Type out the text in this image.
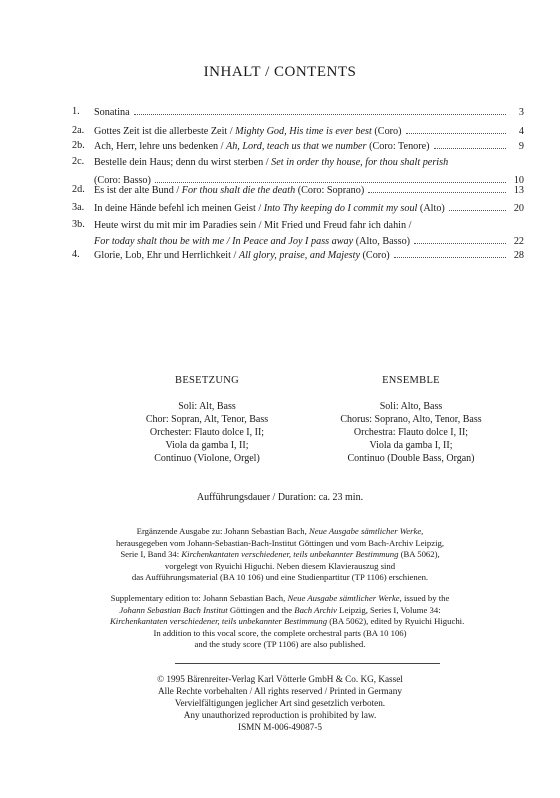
INHALT / CONTENTS
1.	Sonatina	3
2a. Gottes Zeit ist die allerbeste Zeit / Mighty God, His time is ever best (Coro)	4
2b. Ach, Herr, lehre uns bedenken / Ah, Lord, teach us that we number (Coro: Tenore)	9
2c. Bestelle dein Haus; denn du wirst sterben / Set in order thy house, for thou shalt perish
(Coro: Basso)	10
2d. Es ist der alte Bund / For thou shalt die the death (Coro: Soprano)	13
3a. In deine Hände befehl ich meinen Geist / Into Thy keeping do I commit my soul (Alto)	20
3b. Heute wirst du mit mir im Paradies sein / Mit Fried und Freud fahr ich dahin /
For today shalt thou be with me / In Peace and Joy I pass away (Alto, Basso)	22
4.	Glorie, Lob, Ehr und Herrlichkeit / All glory, praise, and Majesty (Coro)	28
BESETZUNG
Soli: Alt, Bass
Chor: Sopran, Alt, Tenor, Bass
Orchester: Flauto dolce I, II;
Viola da gamba I, II;
Continuo (Violone, Orgel)
ENSEMBLE
Soli: Alto, Bass
Chorus: Soprano, Alto, Tenor, Bass
Orchestra: Flauto dolce I, II;
Viola da gamba I, II;
Continuo (Double Bass, Organ)
Aufführungsdauer / Duration: ca. 23 min.
Ergänzende Ausgabe zu: Johann Sebastian Bach, Neue Ausgabe sämtlicher Werke,
herausgegeben vom Johann-Sebastian-Bach-Institut Göttingen und vom Bach-Archiv Leipzig,
Serie I, Band 34: Kirchenkantaten verschiedener, teils unbekannter Bestimmung (BA 5062),
vorgelegt von Ryuichi Higuchi. Neben diesem Klavierauszug sind
das Aufführungsmaterial (BA 10 106) und eine Studienpartitur (TP 1106) erschienen.
Supplementary edition to: Johann Sebastian Bach, Neue Ausgabe sämtlicher Werke, issued by the
Johann Sebastian Bach Institut Göttingen and the Bach Archiv Leipzig, Series I, Volume 34:
Kirchenkantaten verschiedener, teils unbekannter Bestimmung (BA 5062), edited by Ryuichi Higuchi.
In addition to this vocal score, the complete orchestral parts (BA 10 106)
and the study score (TP 1106) are also published.
© 1995 Bärenreiter-Verlag Karl Vötterle GmbH & Co. KG, Kassel
Alle Rechte vorbehalten / All rights reserved / Printed in Germany
Vervielfältigungen jeglicher Art sind gesetzlich verboten.
Any unauthorized reproduction is prohibited by law.
ISMN M-006-49087-5
